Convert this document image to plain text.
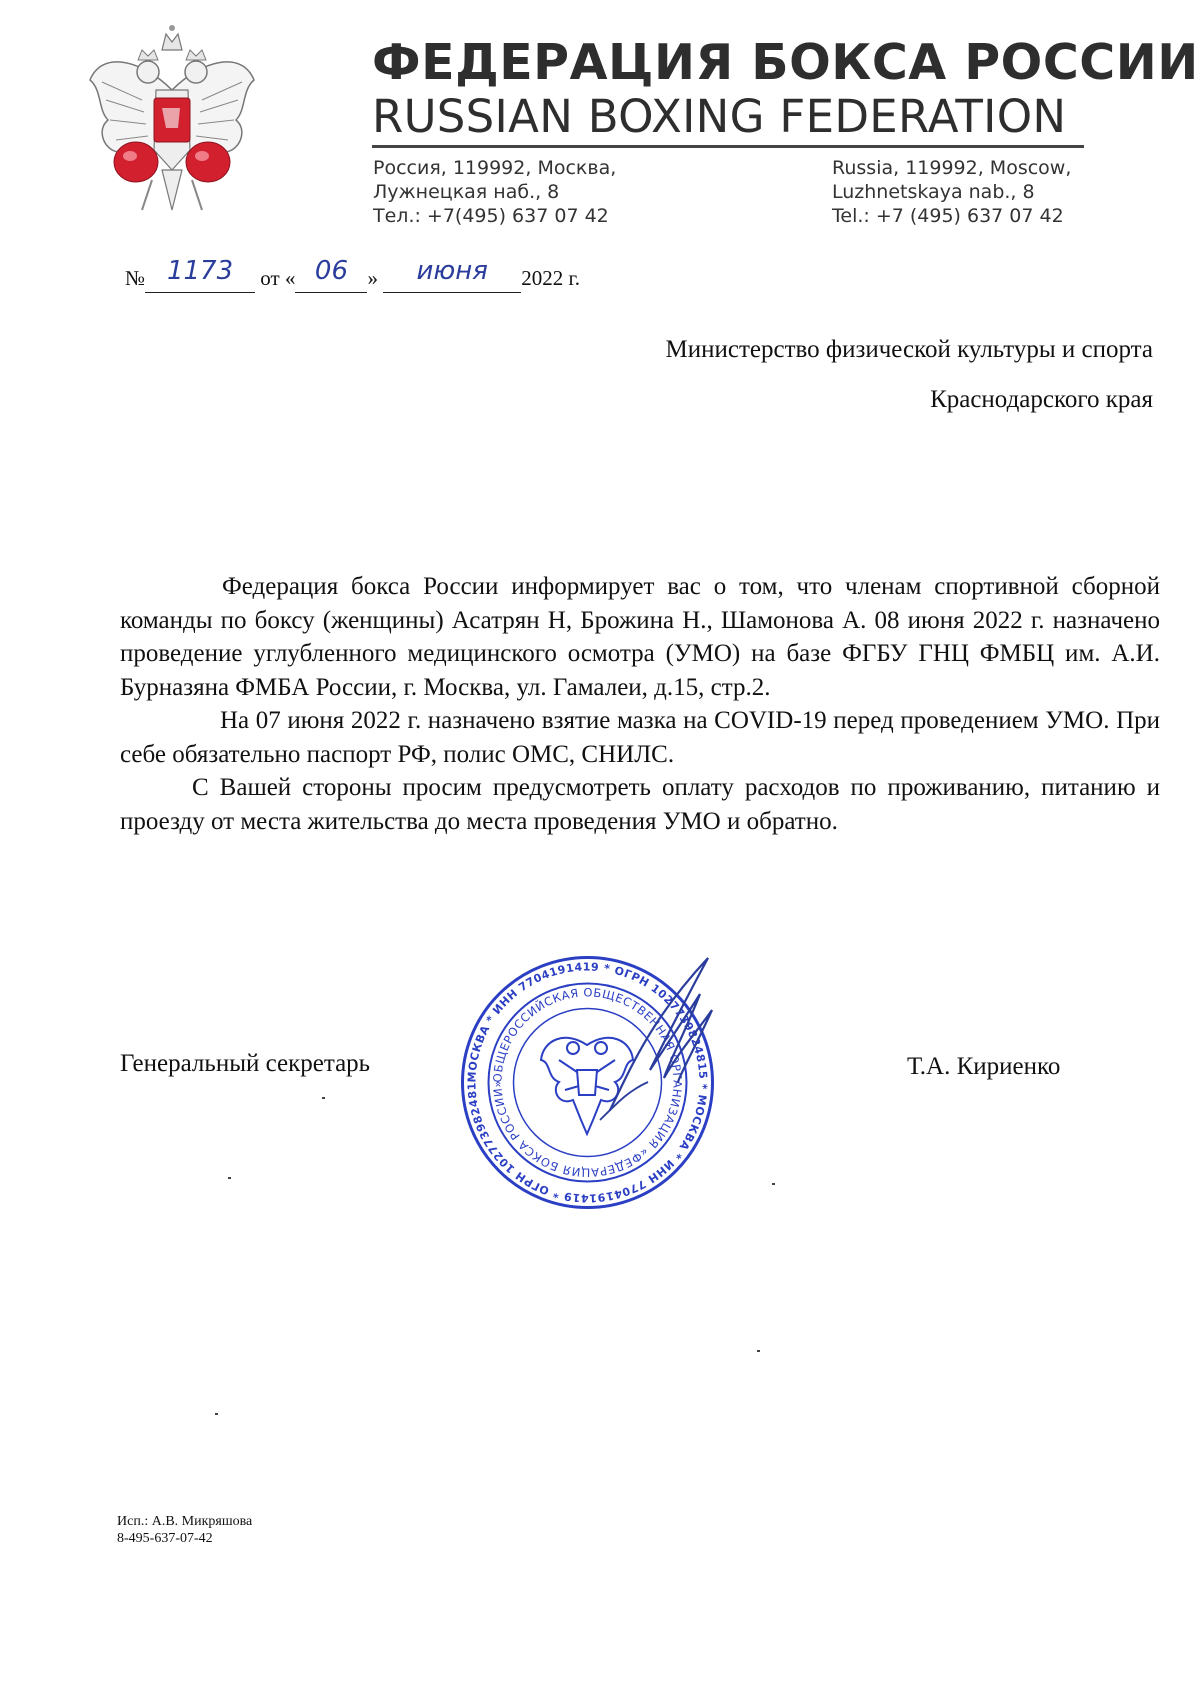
ФЕДЕРАЦИЯ БОКСА РОССИИ
RUSSIAN BOXING FEDERATION
Россия, 119992, Москва,
Лужнецкая наб., 8
Тел.: +7(495) 637 07 42
Russia, 119992, Moscow,
Luzhnetskaya nab., 8
Tel.: +7 (495) 637 07 42
№ 1173 от « 06 » июня 2022 г.
Министерство физической культуры и спорта
Краснодарского края

Федерация бокса России информирует вас о том, что членам спортивной сборной команды по боксу (женщины) Асатрян Н, Брожина Н., Шамонова А. 08 июня 2022 г. назначено проведение углубленного медицинского осмотра (УМО) на базе ФГБУ ГНЦ ФМБЦ им. А.И. Бурназяна ФМБА России, г. Москва, ул. Гамалеи, д.15, стр.2.

На 07 июня 2022 г. назначено взятие мазка на COVID-19 перед проведением УМО. При себе обязательно паспорт РФ, полис ОМС, СНИЛС.

С Вашей стороны просим предусмотреть оплату расходов по проживанию, питанию и проезду от места жительства до места проведения УМО и обратно.

Генеральный секретарь	Т.А. Кириенко
МОСКВА * ИНН 7704191419 * ОГРН 1027739824815 * МОСКВА * ИНН 7704191419 * ОГРН 102773982481
ОБЩЕРОССИЙСКАЯ ОБЩЕСТВЕННАЯ ОРГАНИЗАЦИЯ «ФЕДЕРАЦИЯ БОКСА РОССИИ»
Исп.: А.В. Микряшова
8-495-637-07-42
